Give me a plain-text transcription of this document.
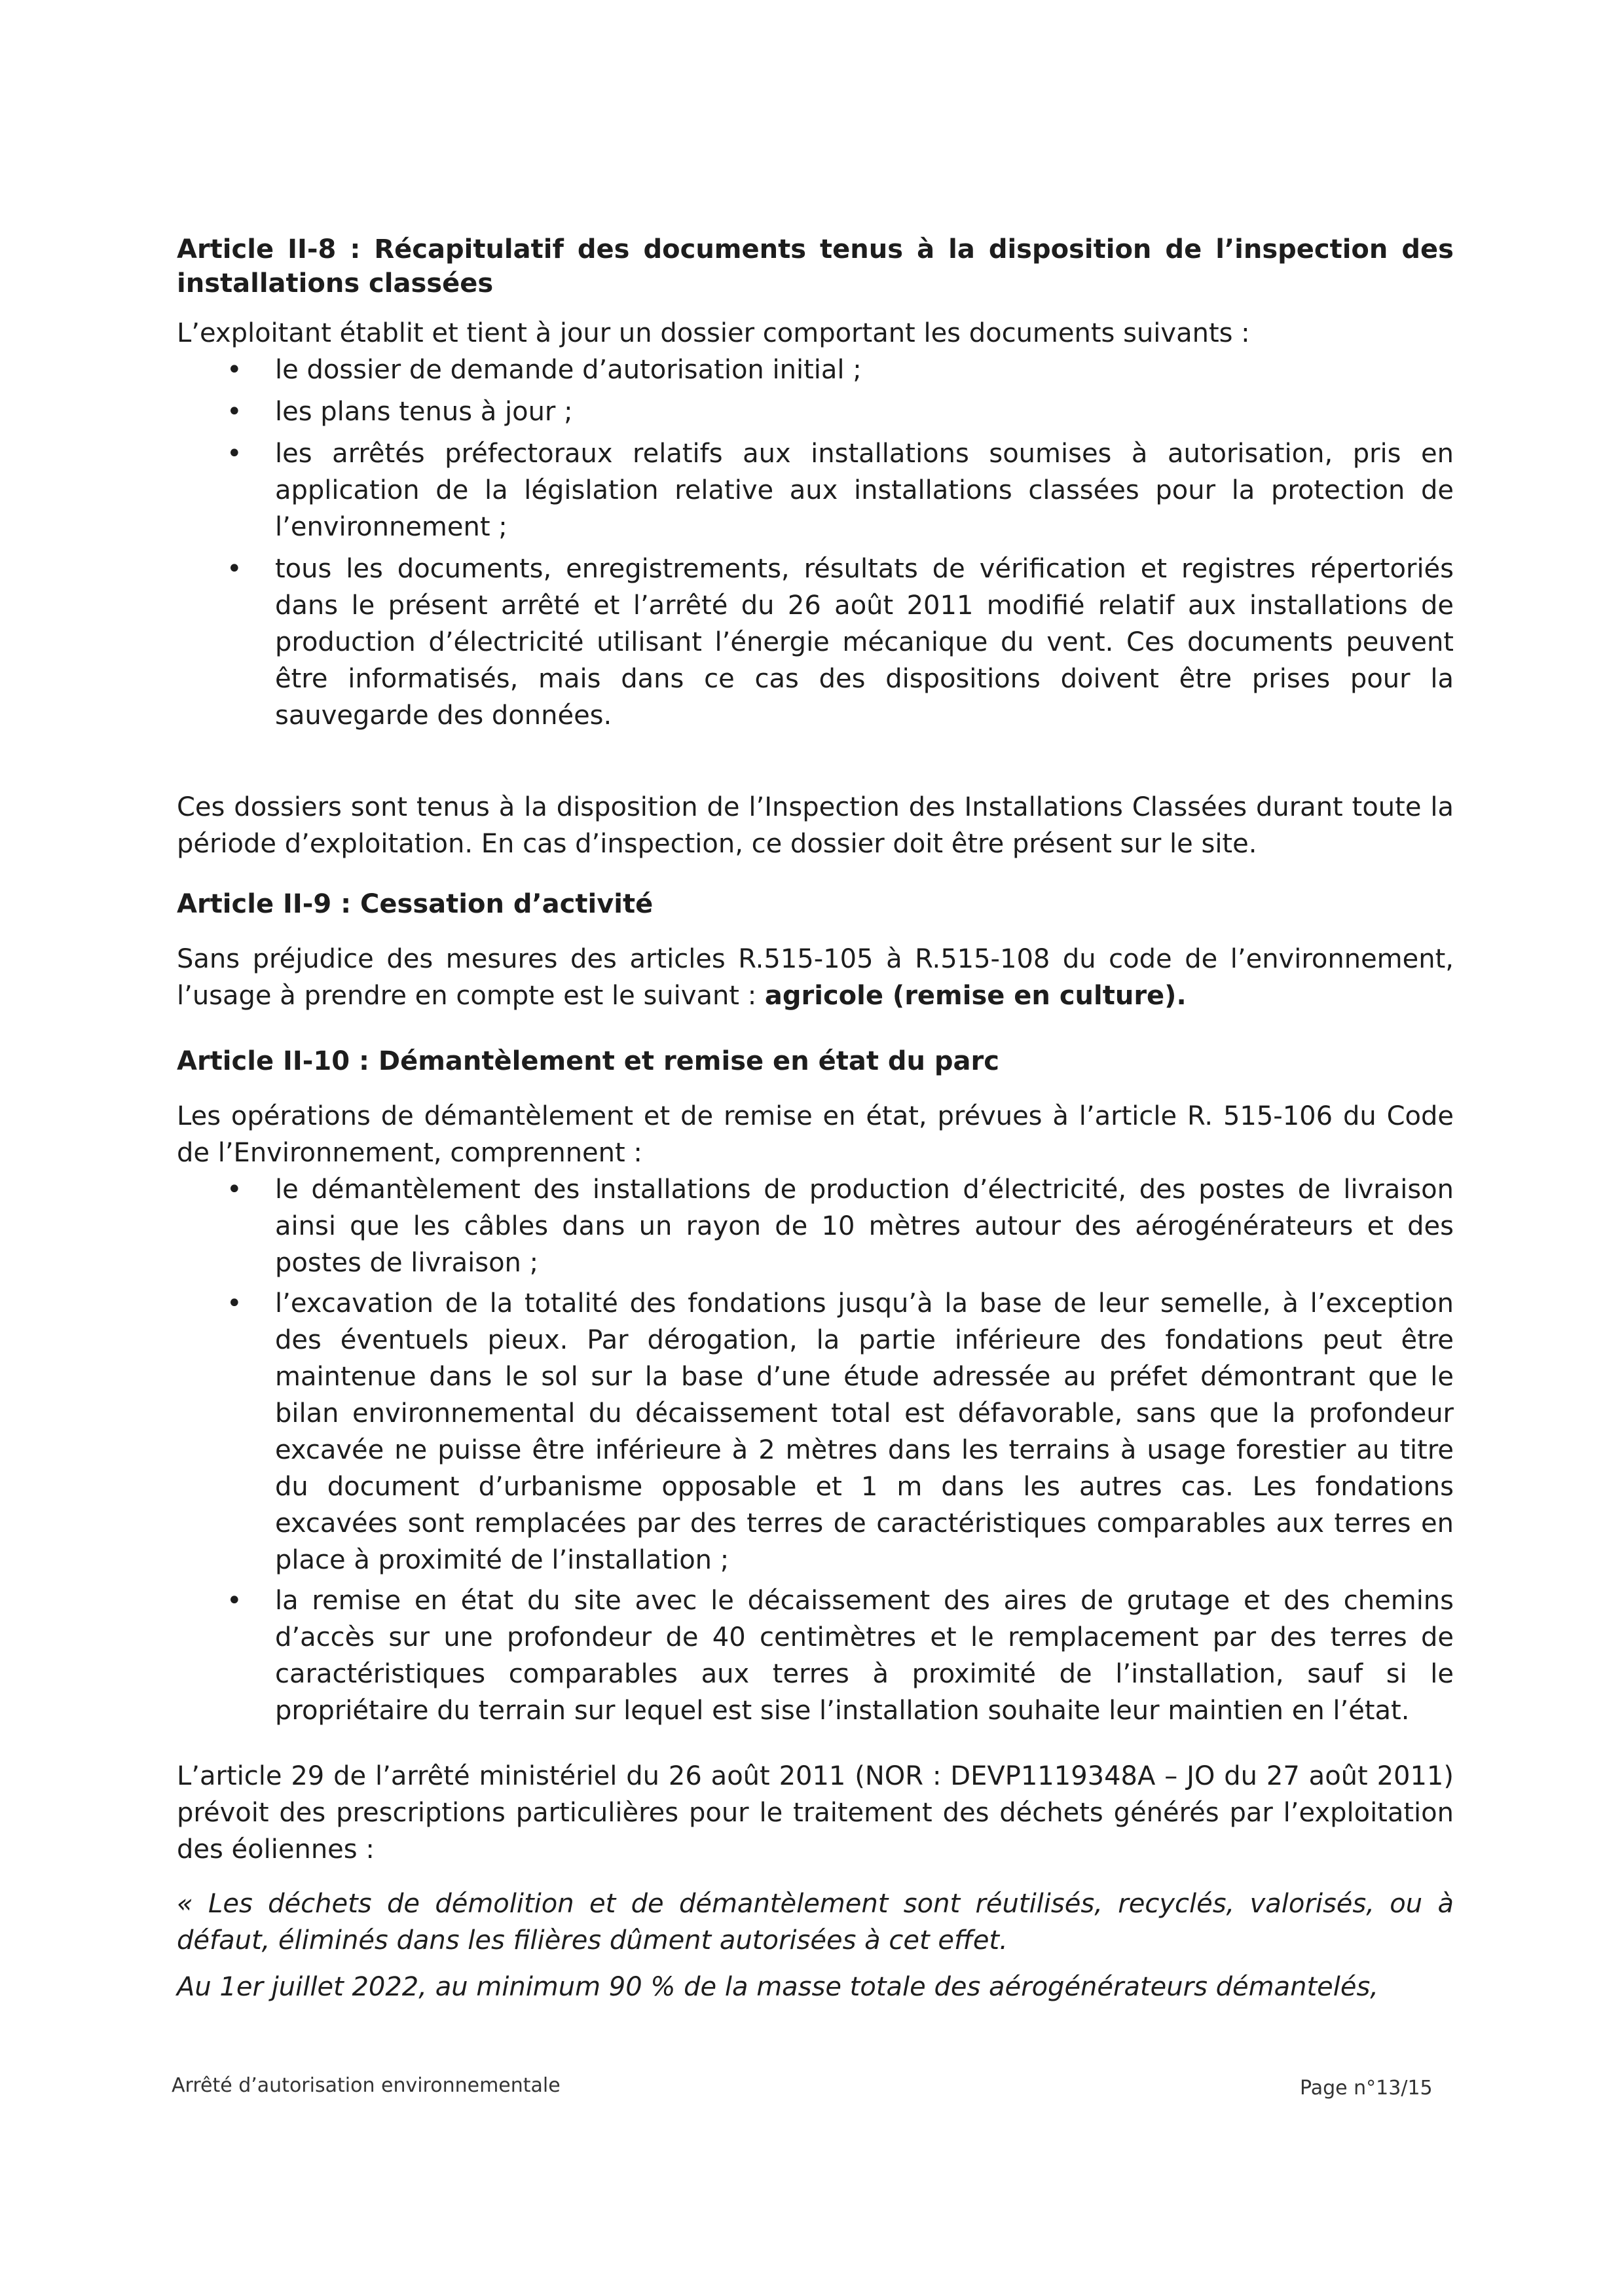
Article II-8 : Récapitulatif des documents tenus à la disposition de l’inspection des installations classées

L’exploitant établit et tient à jour un dossier comportant les documents suivants :

• le dossier de demande d’autorisation initial ;
• les plans tenus à jour ;
• les arrêtés préfectoraux relatifs aux installations soumises à autorisation, pris en application de la législation relative aux installations classées pour la protection de l’environnement ;
• tous les documents, enregistrements, résultats de vérification et registres répertoriés dans le présent arrêté et l’arrêté du 26 août 2011 modifié relatif aux installations de production d’électricité utilisant l’énergie mécanique du vent. Ces documents peuvent être informatisés, mais dans ce cas des dispositions doivent être prises pour la sauvegarde des données.

Ces dossiers sont tenus à la disposition de l’Inspection des Installations Classées durant toute la période d’exploitation. En cas d’inspection, ce dossier doit être présent sur le site.

Article II-9 : Cessation d’activité

Sans préjudice des mesures des articles R.515-105 à R.515-108 du code de l’environnement, l’usage à prendre en compte est le suivant : agricole (remise en culture).

Article II-10 : Démantèlement et remise en état du parc

Les opérations de démantèlement et de remise en état, prévues à l’article R. 515-106 du Code de l’Environnement, comprennent :

• le démantèlement des installations de production d’électricité, des postes de livraison ainsi que les câbles dans un rayon de 10 mètres autour des aérogénérateurs et des postes de livraison ;
• l’excavation de la totalité des fondations jusqu’à la base de leur semelle, à l’exception des éventuels pieux. Par dérogation, la partie inférieure des fondations peut être maintenue dans le sol sur la base d’une étude adressée au préfet démontrant que le bilan environnemental du décaissement total est défavorable, sans que la profondeur excavée ne puisse être inférieure à 2 mètres dans les terrains à usage forestier au titre du document d’urbanisme opposable et 1 m dans les autres cas. Les fondations excavées sont remplacées par des terres de caractéristiques comparables aux terres en place à proximité de l’installation ;
• la remise en état du site avec le décaissement des aires de grutage et des chemins d’accès sur une profondeur de 40 centimètres et le remplacement par des terres de caractéristiques comparables aux terres à proximité de l’installation, sauf si le propriétaire du terrain sur lequel est sise l’installation souhaite leur maintien en l’état.

L’article 29 de l’arrêté ministériel du 26 août 2011 (NOR : DEVP1119348A – JO du 27 août 2011) prévoit des prescriptions particulières pour le traitement des déchets générés par l’exploitation des éoliennes :

« Les déchets de démolition et de démantèlement sont réutilisés, recyclés, valorisés, ou à défaut, éliminés dans les filières dûment autorisées à cet effet.

Au 1er juillet 2022, au minimum 90 % de la masse totale des aérogénérateurs démantelés,

Arrêté d’autorisation environnementale	Page n°13/15
